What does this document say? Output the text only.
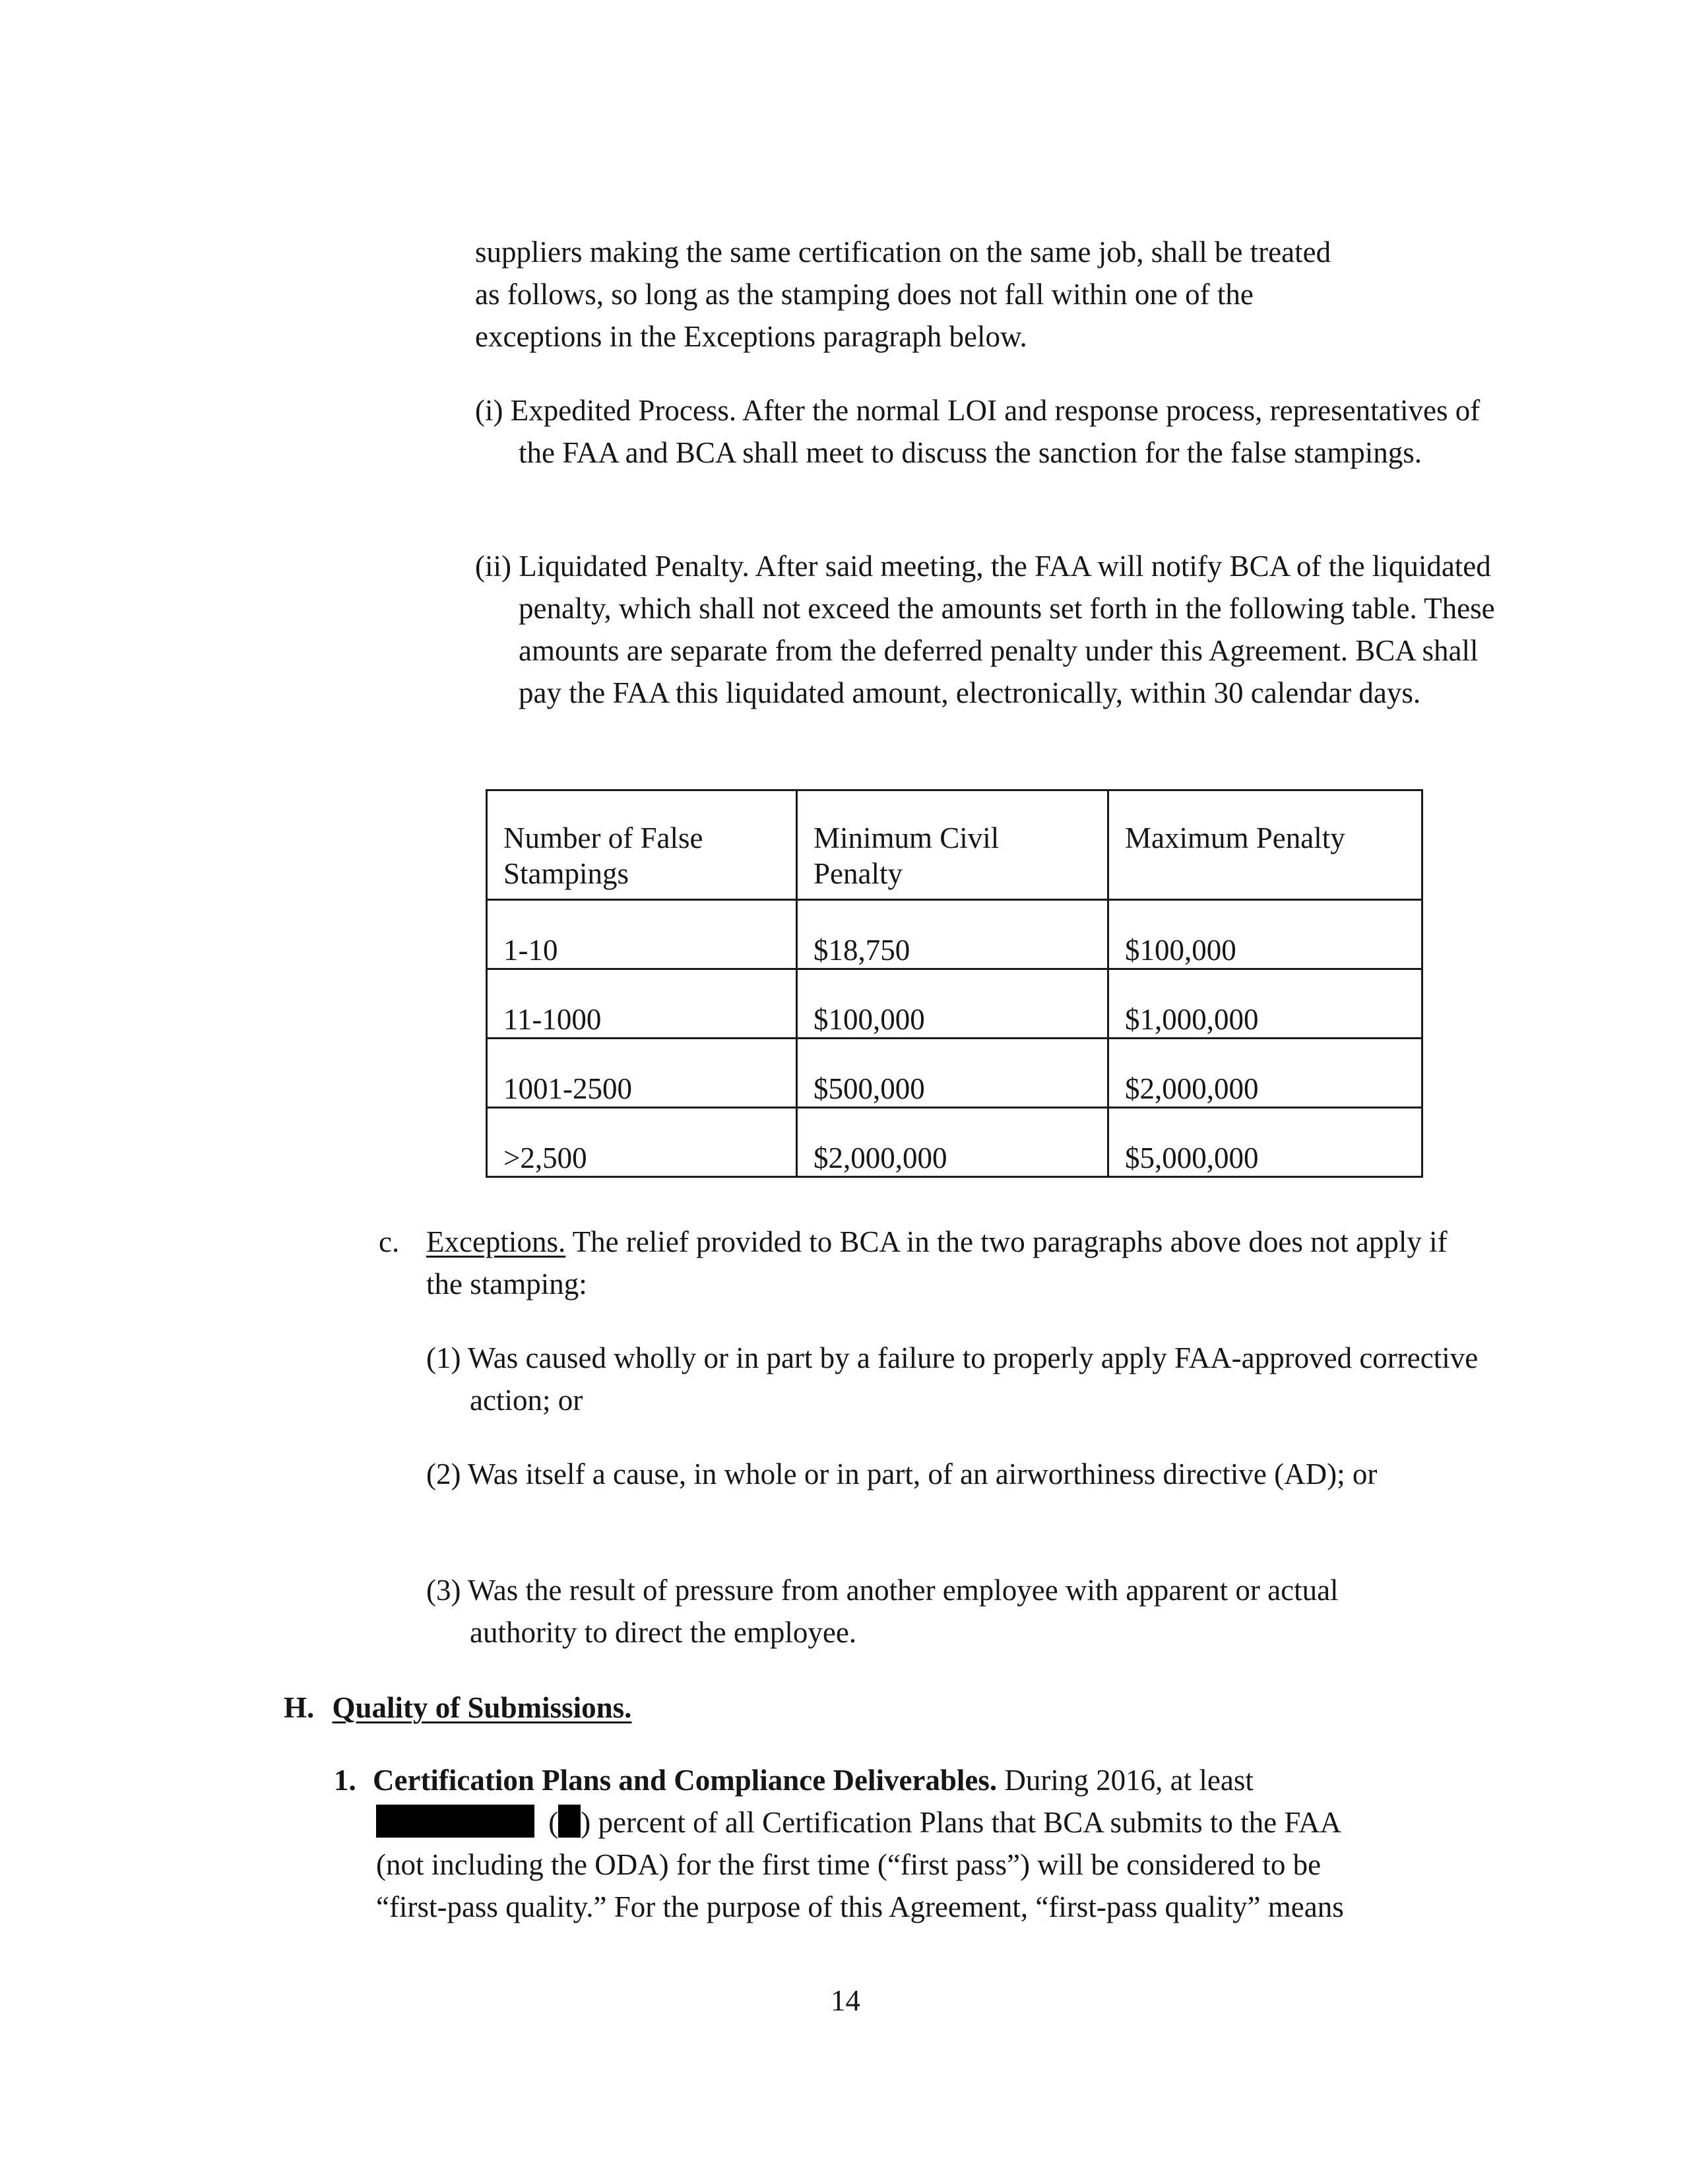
suppliers making the same certification on the same job, shall be treated
as follows, so long as the stamping does not fall within one of the
exceptions in the Exceptions paragraph below.
(i) Expedited Process. After the normal LOI and response process, representatives of the FAA and BCA shall meet to discuss the sanction for the false stampings.
(ii) Liquidated Penalty. After said meeting, the FAA will notify BCA of the liquidated penalty, which shall not exceed the amounts set forth in the following table. These amounts are separate from the deferred penalty under this Agreement. BCA shall pay the FAA this liquidated amount, electronically, within 30 calendar days.
Number of False Stampings	Minimum Civil Penalty	Maximum Penalty
1-10	$18,750	$100,000
11-1000	$100,000	$1,000,000
1001-2500	$500,000	$2,000,000
>2,500	$2,000,000	$5,000,000
c. Exceptions. The relief provided to BCA in the two paragraphs above does not apply if the stamping:
(1) Was caused wholly or in part by a failure to properly apply FAA-approved corrective action; or
(2) Was itself a cause, in whole or in part, of an airworthiness directive (AD); or
(3) Was the result of pressure from another employee with apparent or actual authority to direct the employee.
H. Quality of Submissions.
1. Certification Plans and Compliance Deliverables. During 2016, at least
( ) percent of all Certification Plans that BCA submits to the FAA
(not including the ODA) for the first time (“first pass”) will be considered to be
“first-pass quality.” For the purpose of this Agreement, “first-pass quality” means
14
